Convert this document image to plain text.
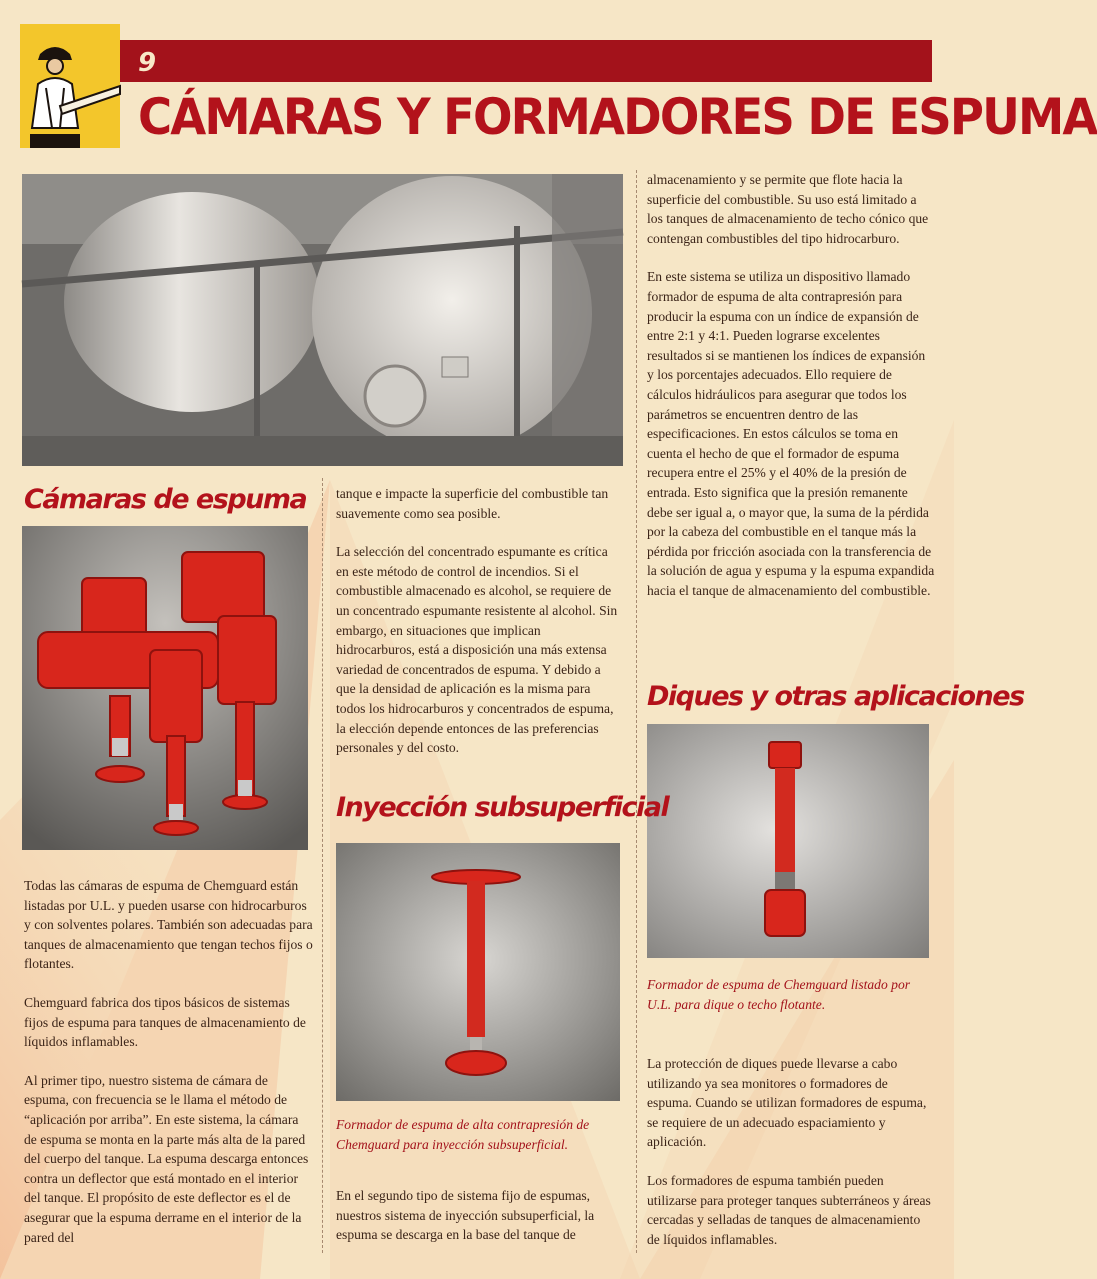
9
CÁMARAS Y FORMADORES DE ESPUMA
Cámaras de espuma

Todas las cámaras de espuma de Chemguard están listadas por U.L. y pueden usarse con hidrocarburos y con solventes polares. También son adecuadas para tanques de almacenamiento que tengan techos fijos o flotantes.

Chemguard fabrica dos tipos básicos de sistemas fijos de espuma para tanques de almacenamiento de líquidos inflamables.

Al primer tipo, nuestro sistema de cámara de espuma, con frecuencia se le llama el método de “aplicación por arriba”. En este sistema, la cámara de espuma se monta en la parte más alta de la pared del cuerpo del tanque. La espuma descarga entonces contra un deflector que está montado en el interior del tanque. El propósito de este deflector es el de asegurar que la espuma derrame en el interior de la pared del

tanque e impacte la superficie del combustible tan suavemente como sea posible.

La selección del concentrado espumante es crítica en este método de control de incendios. Si el combustible almacenado es alcohol, se requiere de un concentrado espumante resistente al alcohol. Sin embargo, en situaciones que implican hidrocarburos, está a disposición una más extensa variedad de concentrados de espuma. Y debido a que la densidad de aplicación es la misma para todos los hidrocarburos y concentrados de espuma, la elección depende entonces de las preferencias personales y del costo.

Inyección subsuperficial
Formador de espuma de alta contrapresión de Chemguard para inyección subsuperficial.

En el segundo tipo de sistema fijo de espumas, nuestros sistema de inyección subsuperficial, la espuma se descarga en la base del tanque de

almacenamiento y se permite que flote hacia la superficie del combustible. Su uso está limitado a los tanques de almacenamiento de techo cónico que contengan combustibles del tipo hidrocarburo.

En este sistema se utiliza un dispositivo llamado formador de espuma de alta contrapresión para producir la espuma con un índice de expansión de entre 2:1 y 4:1. Pueden lograrse excelentes resultados si se mantienen los índices de expansión y los porcentajes adecuados. Ello requiere de cálculos hidráulicos para asegurar que todos los parámetros se encuentren dentro de las especificaciones. En estos cálculos se toma en cuenta el hecho de que el formador de espuma recupera entre el 25% y el 40% de la presión de entrada. Esto significa que la presión remanente debe ser igual a, o mayor que, la suma de la pérdida por la cabeza del combustible en el tanque más la pérdida por fricción asociada con la transferencia de la solución de agua y espuma y la espuma expandida hacia el tanque de almacenamiento del combustible.

Diques y otras aplicaciones
Formador de espuma de Chemguard listado por U.L. para dique o techo flotante.

La protección de diques puede llevarse a cabo utilizando ya sea monitores o formadores de espuma. Cuando se utilizan formadores de espuma, se requiere de un adecuado espaciamiento y aplicación.

Los formadores de espuma también pueden utilizarse para proteger tanques subterráneos y áreas cercadas y selladas de tanques de almacenamiento de líquidos inflamables.
